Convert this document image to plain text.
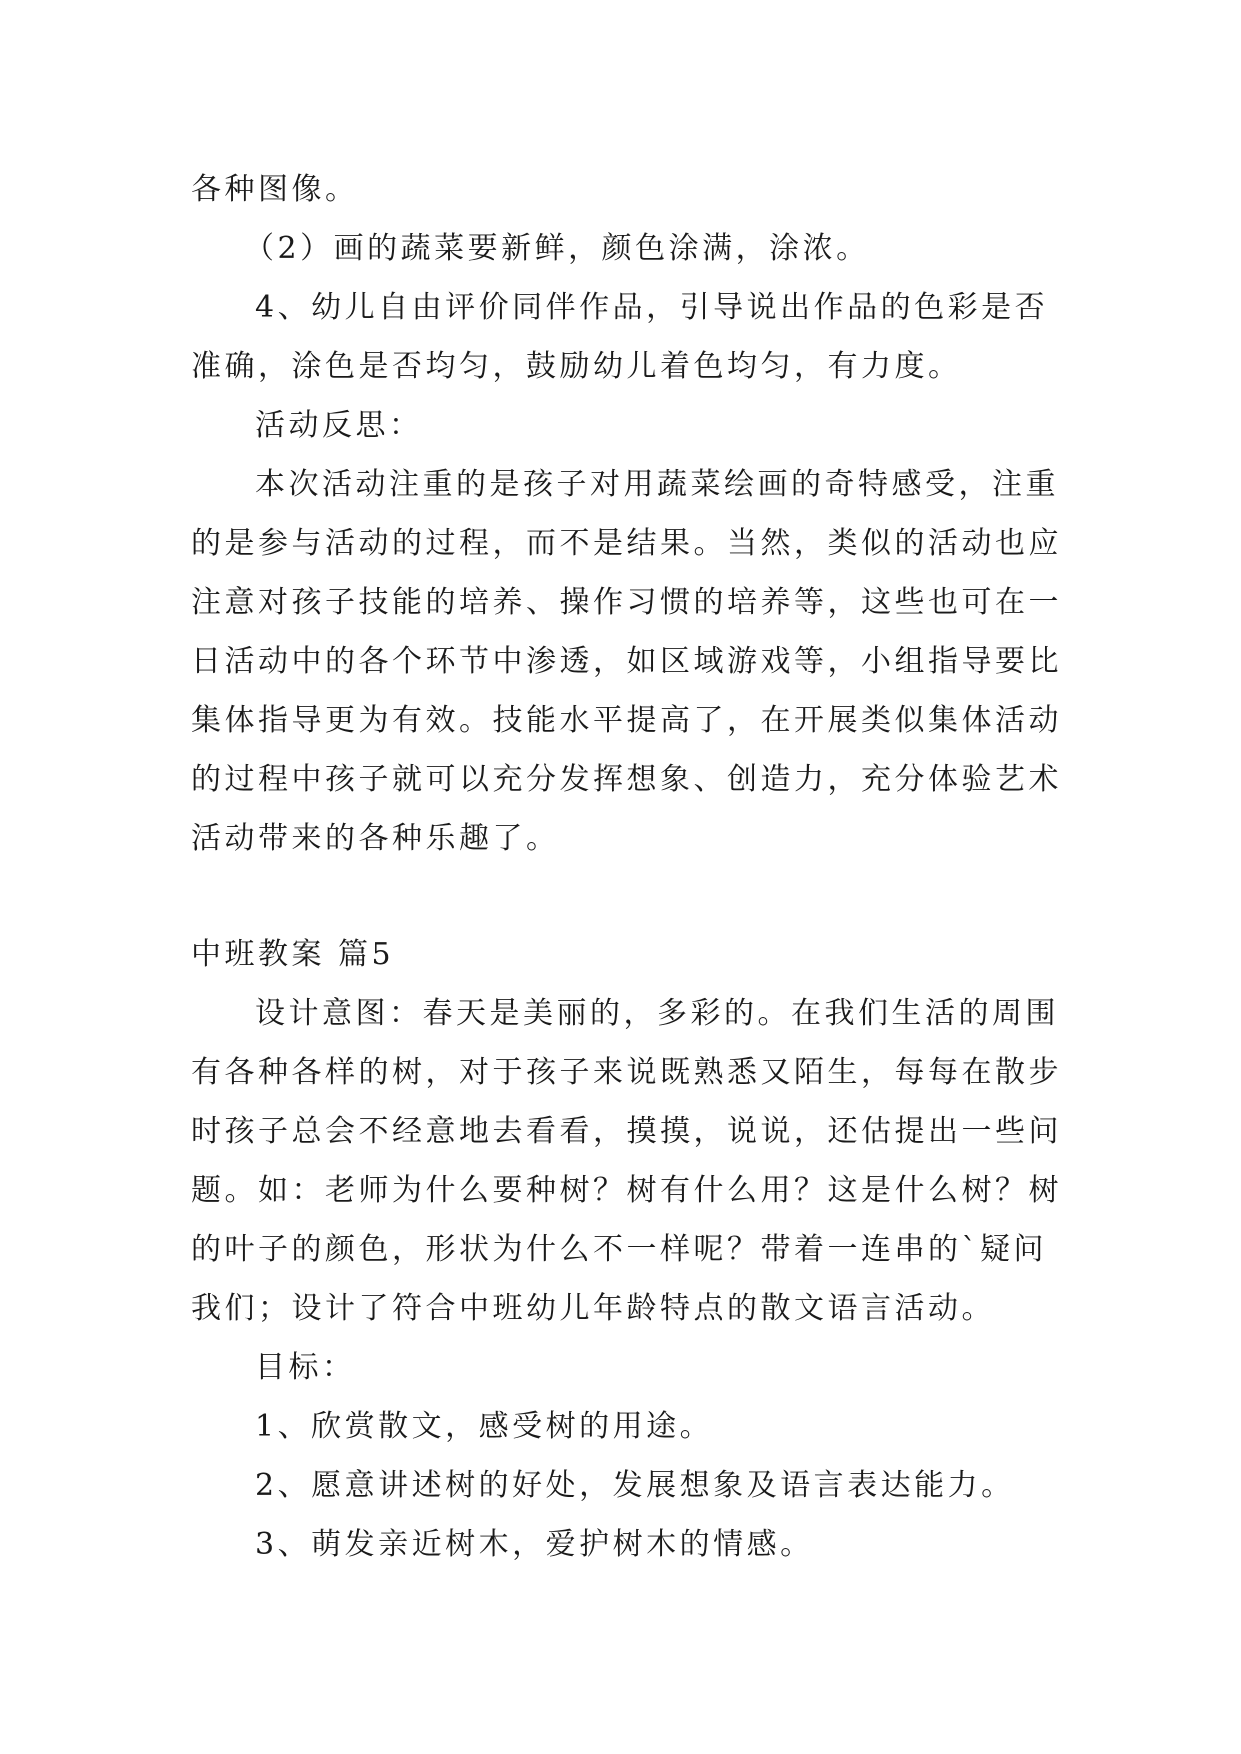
各种图像。

（2）画的蔬菜要新鲜，颜色涂满，涂浓。

4、幼儿自由评价同伴作品，引导说出作品的色彩是否

准确，涂色是否均匀，鼓励幼儿着色均匀，有力度。

活动反思：

本次活动注重的是孩子对用蔬菜绘画的奇特感受，注重

的是参与活动的过程，而不是结果。当然，类似的活动也应

注意对孩子技能的培养、操作习惯的培养等，这些也可在一

日活动中的各个环节中渗透，如区域游戏等，小组指导要比

集体指导更为有效。技能水平提高了，在开展类似集体活动

的过程中孩子就可以充分发挥想象、创造力，充分体验艺术

活动带来的各种乐趣了。

中班教案 篇5

设计意图：春天是美丽的，多彩的。在我们生活的周围

有各种各样的树，对于孩子来说既熟悉又陌生，每每在散步

时孩子总会不经意地去看看，摸摸，说说，还估提出一些问

题。如：老师为什么要种树？树有什么用？这是什么树？树

的叶子的颜色，形状为什么不一样呢？带着一连串的`疑问

我们；设计了符合中班幼儿年龄特点的散文语言活动。

目标：

1、欣赏散文，感受树的用途。

2、愿意讲述树的好处，发展想象及语言表达能力。

3、萌发亲近树木，爱护树木的情感。
